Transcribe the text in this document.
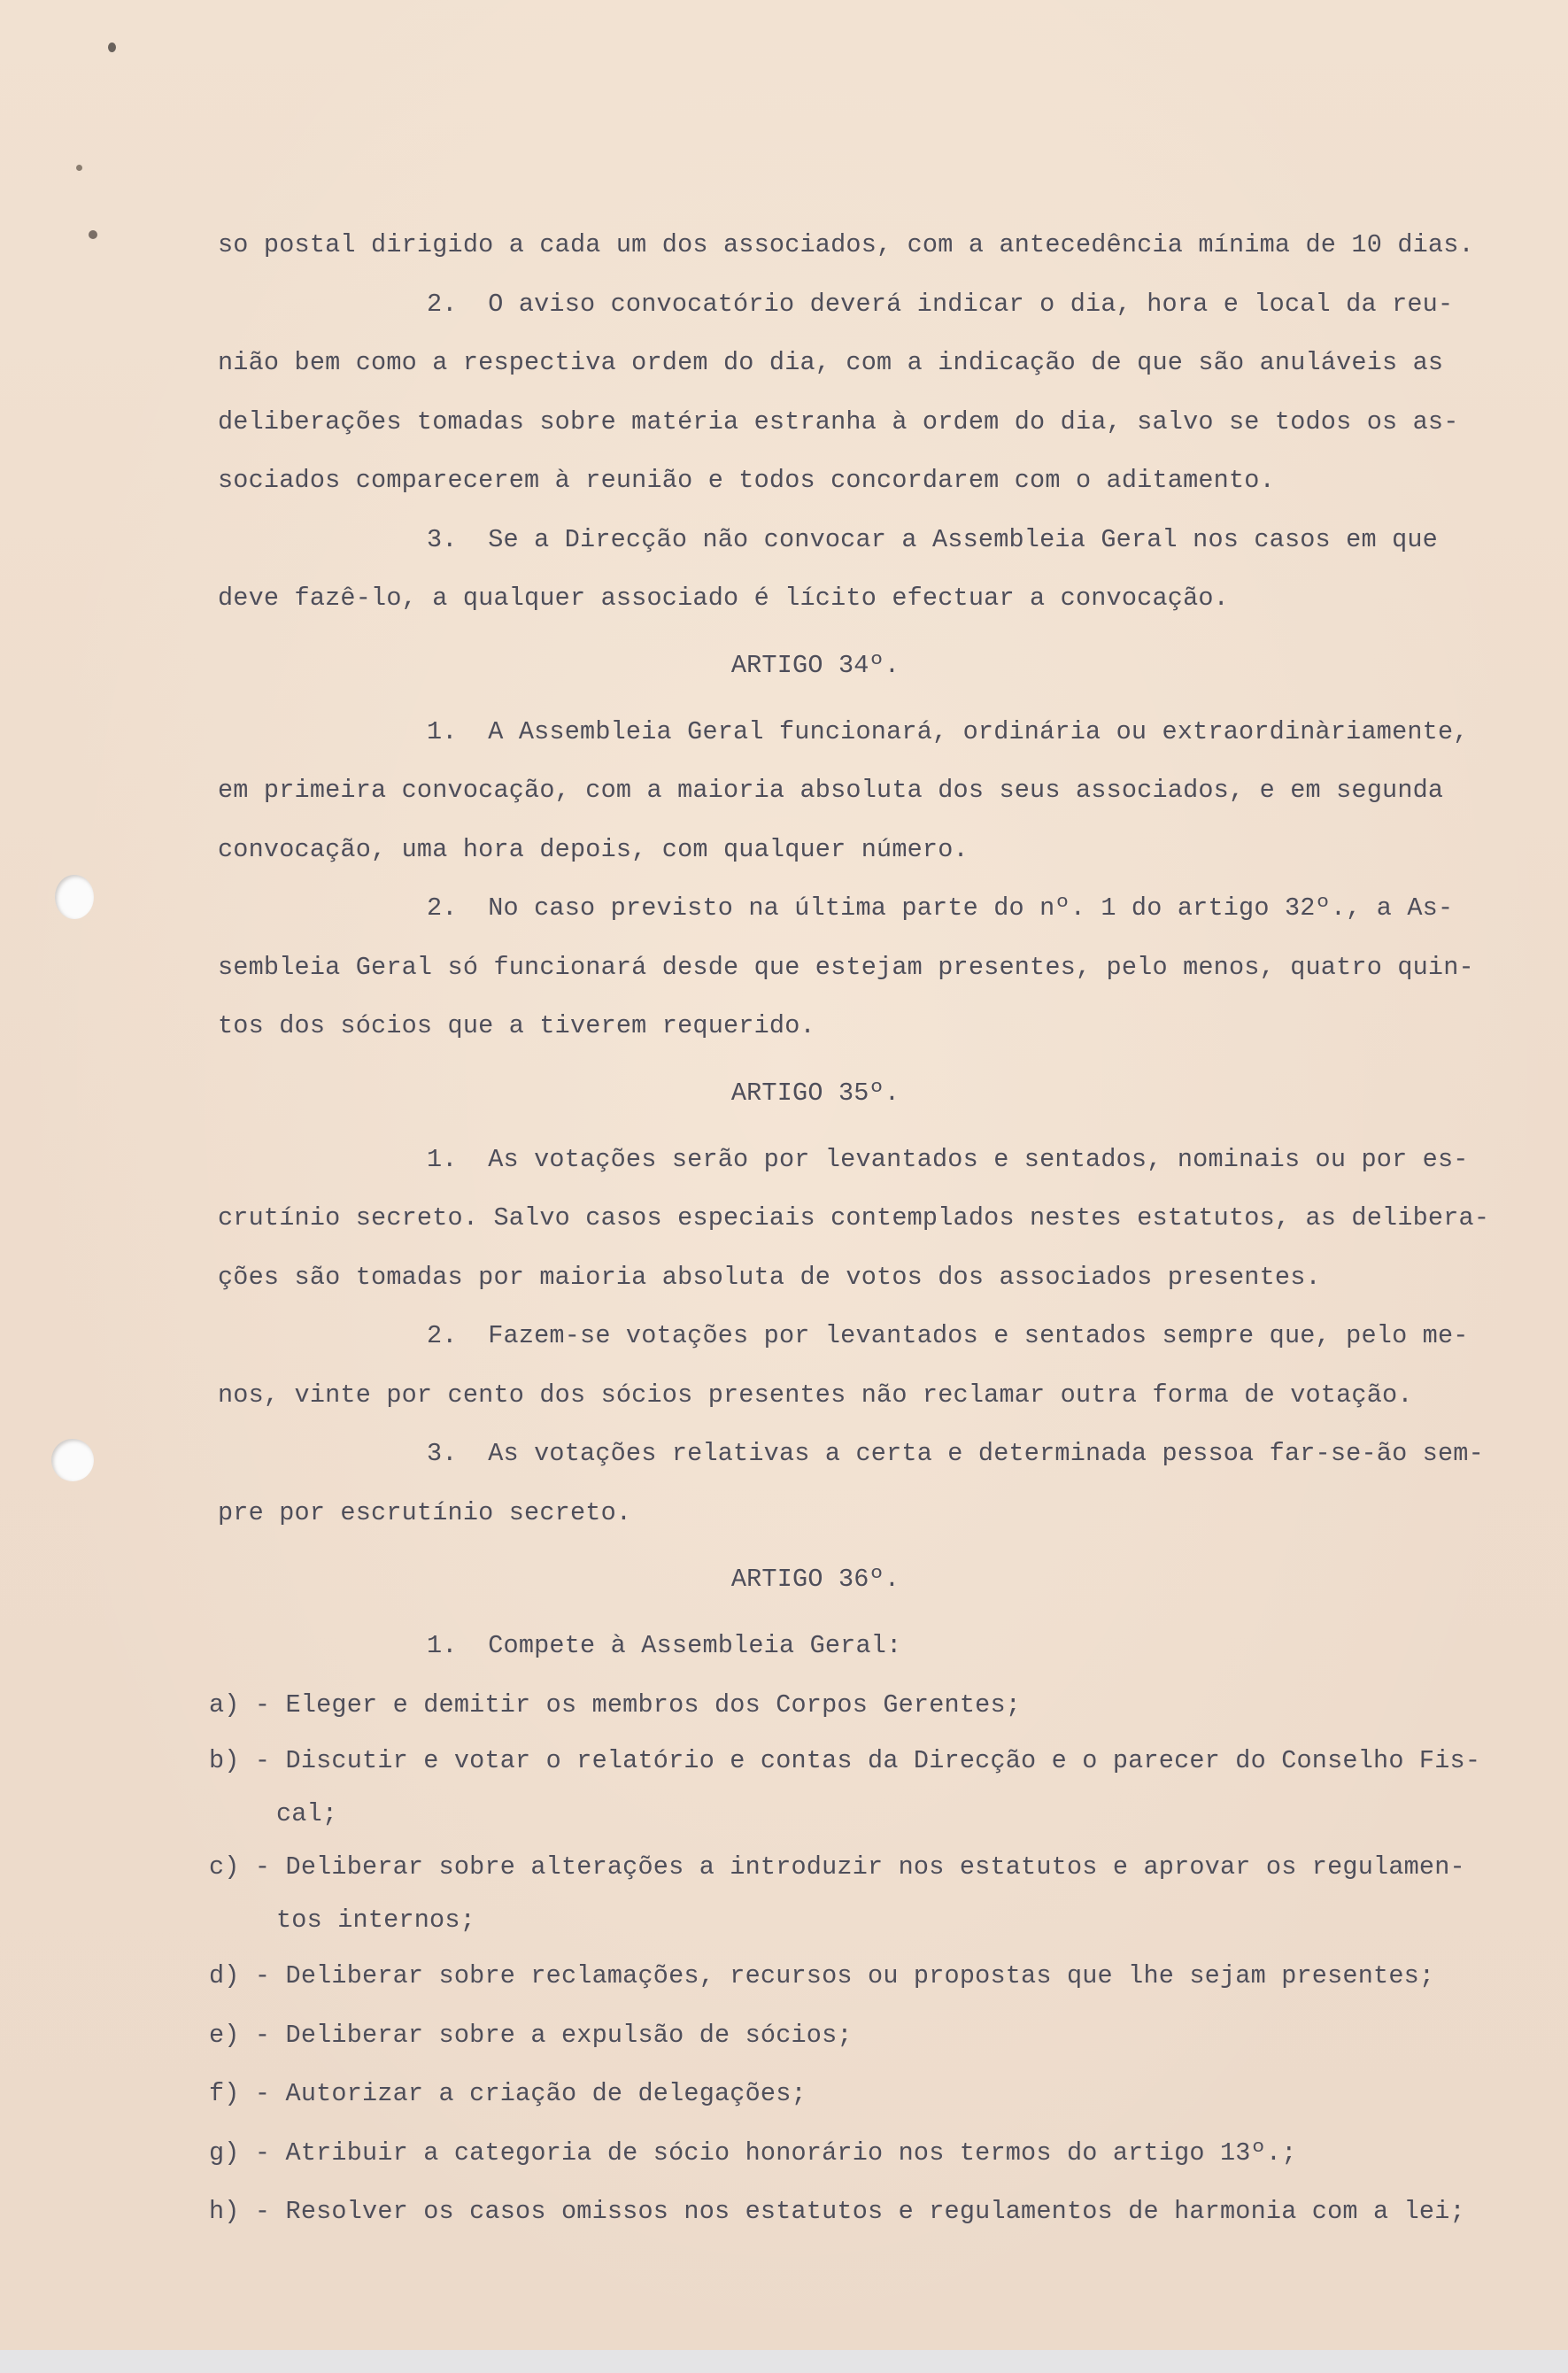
so postal dirigido a cada um dos associados, com a antecedência mínima de 10 dias.
2.  O aviso convocatório deverá indicar o dia, hora e local da reu-
nião bem como a respectiva ordem do dia, com a indicação de que são anuláveis as
deliberações tomadas sobre matéria estranha à ordem do dia, salvo se todos os as-
sociados comparecerem à reunião e todos concordarem com o aditamento.
3.  Se a Direcção não convocar a Assembleia Geral nos casos em que
deve fazê-lo, a qualquer associado é lícito efectuar a convocação.
ARTIGO 34º.
1.  A Assembleia Geral funcionará, ordinária ou extraordinàriamente,
em primeira convocação, com a maioria absoluta dos seus associados, e em segunda
convocação, uma hora depois, com qualquer número.
2.  No caso previsto na última parte do nº. 1 do artigo 32º., a As-
sembleia Geral só funcionará desde que estejam presentes, pelo menos, quatro quin-
tos dos sócios que a tiverem requerido.
ARTIGO 35º.
1.  As votações serão por levantados e sentados, nominais ou por es-
crutínio secreto. Salvo casos especiais contemplados nestes estatutos, as delibera-
ções são tomadas por maioria absoluta de votos dos associados presentes.
2.  Fazem-se votações por levantados e sentados sempre que, pelo me-
nos, vinte por cento dos sócios presentes não reclamar outra forma de votação.
3.  As votações relativas a certa e determinada pessoa far-se-ão sem-
pre por escrutínio secreto.
ARTIGO 36º.
1.  Compete à Assembleia Geral:
a) - Eleger e demitir os membros dos Corpos Gerentes;
b) - Discutir e votar o relatório e contas da Direcção e o parecer do Conselho Fis-
cal;
c) - Deliberar sobre alterações a introduzir nos estatutos e aprovar os regulamen-
tos internos;
d) - Deliberar sobre reclamações, recursos ou propostas que lhe sejam presentes;
e) - Deliberar sobre a expulsão de sócios;
f) - Autorizar a criação de delegações;
g) - Atribuir a categoria de sócio honorário nos termos do artigo 13º.;
h) - Resolver os casos omissos nos estatutos e regulamentos de harmonia com a lei;
